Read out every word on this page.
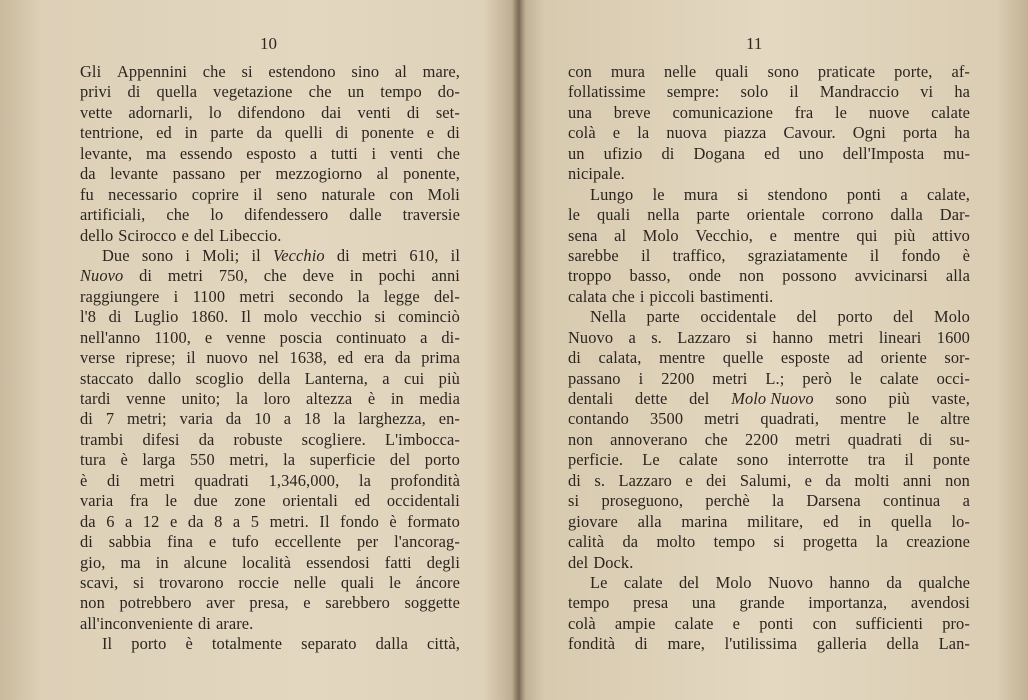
10
Gli Appennini che si estendono sino al mare,
privi di quella vegetazione che un tempo do-
vette adornarli, lo difendono dai venti di set-
tentrione, ed in parte da quelli di ponente e di
levante, ma essendo esposto a tutti i venti che
da levante passano per mezzogiorno al ponente,
fu necessario coprire il seno naturale con Moli
artificiali, che lo difendessero dalle traversie
dello Scirocco e del Libeccio.
Due sono i Moli; il Vecchio di metri 610, il
Nuovo di metri 750, che deve in pochi anni
raggiungere i 1100 metri secondo la legge del-
l'8 di Luglio 1860. Il molo vecchio si cominciò
nell'anno 1100, e venne poscia continuato a di-
verse riprese; il nuovo nel 1638, ed era da prima
staccato dallo scoglio della Lanterna, a cui più
tardi venne unito; la loro altezza è in media
di 7 metri; varia da 10 a 18 la larghezza, en-
trambi difesi da robuste scogliere. L'imbocca-
tura è larga 550 metri, la superficie del porto
è di metri quadrati 1,346,000, la profondità
varia fra le due zone orientali ed occidentali
da 6 a 12 e da 8 a 5 metri. Il fondo è formato
di sabbia fina e tufo eccellente per l'ancorag-
gio, ma in alcune località essendosi fatti degli
scavi, si trovarono roccie nelle quali le áncore
non potrebbero aver presa, e sarebbero soggette
all'inconveniente di arare.
Il porto è totalmente separato dalla città,
11
con mura nelle quali sono praticate porte, af-
follatissime sempre: solo il Mandraccio vi ha
una breve comunicazione fra le nuove calate
colà e la nuova piazza Cavour. Ogni porta ha
un ufizio di Dogana ed uno dell'Imposta mu-
nicipale.
Lungo le mura si stendono ponti a calate,
le quali nella parte orientale corrono dalla Dar-
sena al Molo Vecchio, e mentre qui più attivo
sarebbe il traffico, sgraziatamente il fondo è
troppo basso, onde non possono avvicinarsi alla
calata che i piccoli bastimenti.
Nella parte occidentale del porto del Molo
Nuovo a s. Lazzaro si hanno metri lineari 1600
di calata, mentre quelle esposte ad oriente sor-
passano i 2200 metri L.; però le calate occi-
dentali dette del Molo Nuovo sono più vaste,
contando 3500 metri quadrati, mentre le altre
non annoverano che 2200 metri quadrati di su-
perficie. Le calate sono interrotte tra il ponte
di s. Lazzaro e dei Salumi, e da molti anni non
si proseguono, perchè la Darsena continua a
giovare alla marina militare, ed in quella lo-
calità da molto tempo si progetta la creazione
del Dock.
Le calate del Molo Nuovo hanno da qualche
tempo presa una grande importanza, avendosi
colà ampie calate e ponti con sufficienti pro-
fondità di mare, l'utilissima galleria della Lan-
